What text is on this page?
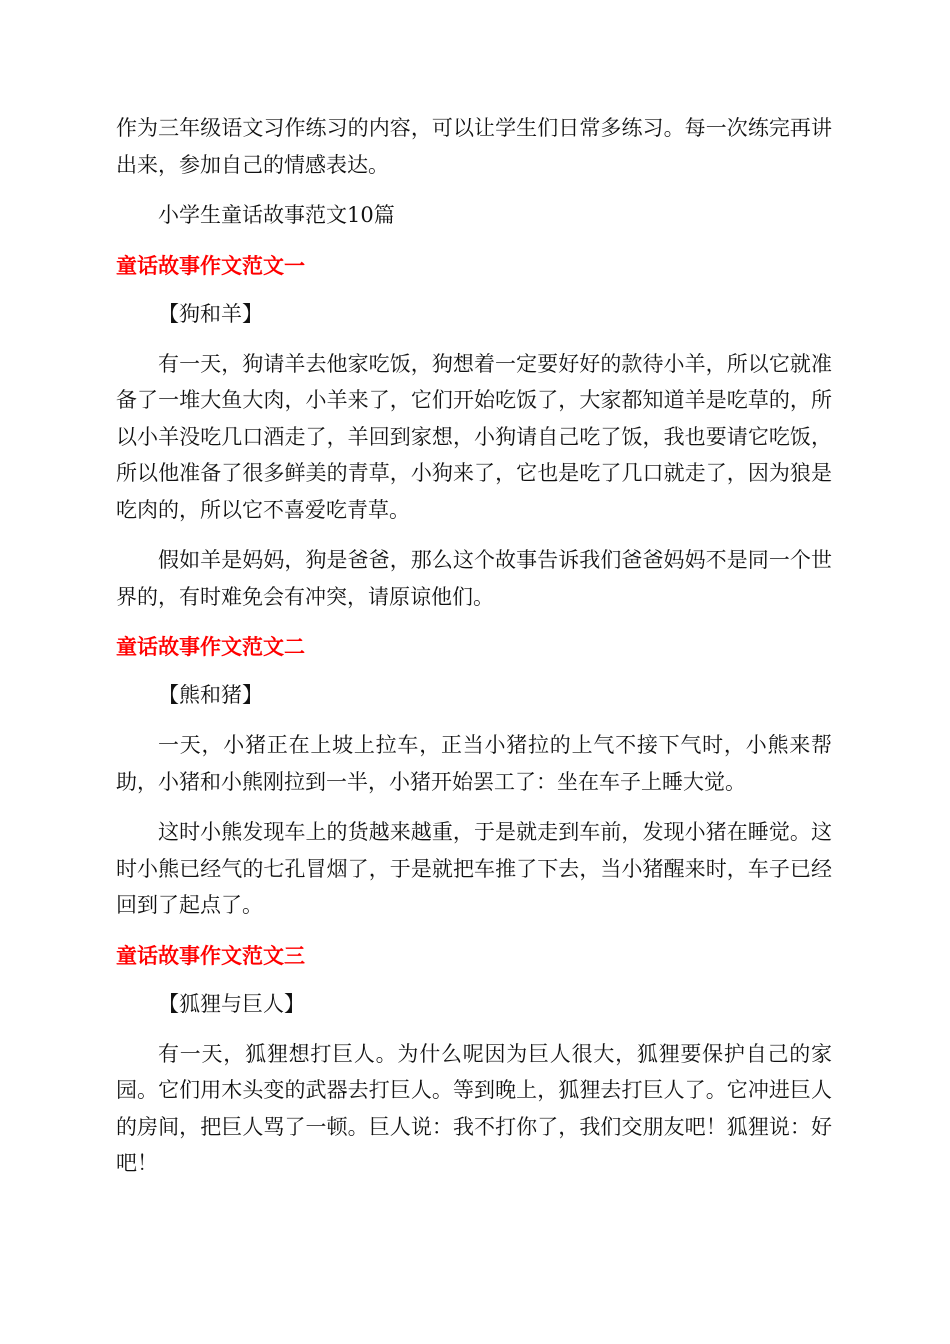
作为三年级语文习作练习的内容，可以让学生们日常多练习。每一次练完再讲出来，参加自己的情感表达。

小学生童话故事范文10篇

童话故事作文范文一

【狗和羊】

有一天，狗请羊去他家吃饭，狗想着一定要好好的款待小羊，所以它就准备了一堆大鱼大肉，小羊来了，它们开始吃饭了，大家都知道羊是吃草的，所以小羊没吃几口酒走了，羊回到家想，小狗请自己吃了饭，我也要请它吃饭，所以他准备了很多鲜美的青草，小狗来了，它也是吃了几口就走了，因为狼是吃肉的，所以它不喜爱吃青草。

假如羊是妈妈，狗是爸爸，那么这个故事告诉我们爸爸妈妈不是同一个世界的，有时难免会有冲突，请原谅他们。

童话故事作文范文二

【熊和猪】

一天，小猪正在上坡上拉车，正当小猪拉的上气不接下气时，小熊来帮助，小猪和小熊刚拉到一半，小猪开始罢工了：坐在车子上睡大觉。

这时小熊发现车上的货越来越重，于是就走到车前，发现小猪在睡觉。这时小熊已经气的七孔冒烟了，于是就把车推了下去，当小猪醒来时，车子已经回到了起点了。

童话故事作文范文三

【狐狸与巨人】

有一天，狐狸想打巨人。为什么呢因为巨人很大，狐狸要保护自己的家园。它们用木头变的武器去打巨人。等到晚上，狐狸去打巨人了。它冲进巨人的房间，把巨人骂了一顿。巨人说：我不打你了，我们交朋友吧！狐狸说：好吧！
